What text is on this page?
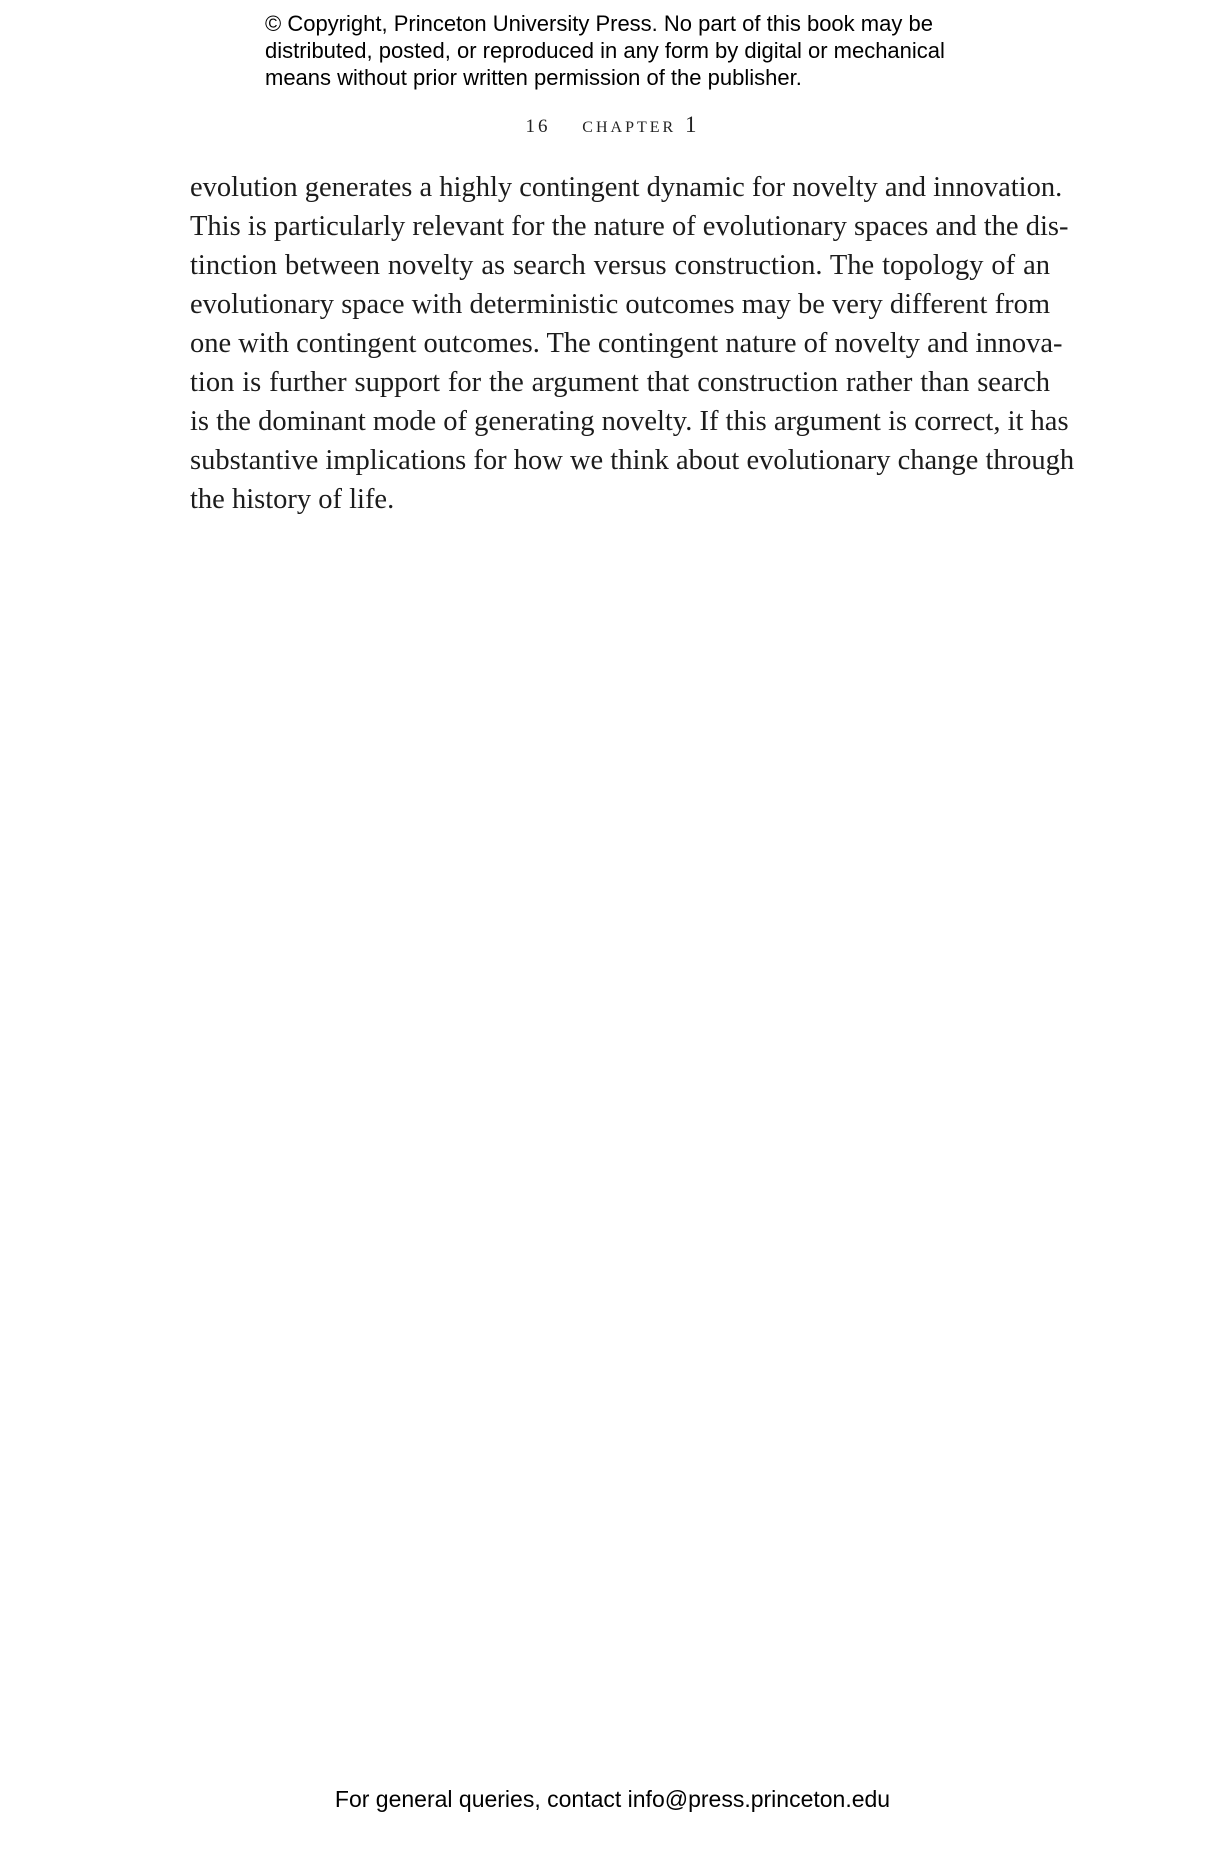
© Copyright, Princeton University Press. No part of this book may be
distributed, posted, or reproduced in any form by digital or mechanical
means without prior written permission of the publisher.
16 chapter 1
evolution generates a highly contingent dynamic for novelty and innovation.
This is particularly relevant for the nature of evolutionary spaces and the dis-
tinction between novelty as search versus construction. The topology of an
evolutionary space with deterministic outcomes may be very different from
one with contingent outcomes. The contingent nature of novelty and innova-
tion is further support for the argument that construction rather than search
is the dominant mode of generating novelty. If this argument is correct, it has
substantive implications for how we think about evolutionary change through
the history of life.
For general queries, contact info@press.princeton.edu
